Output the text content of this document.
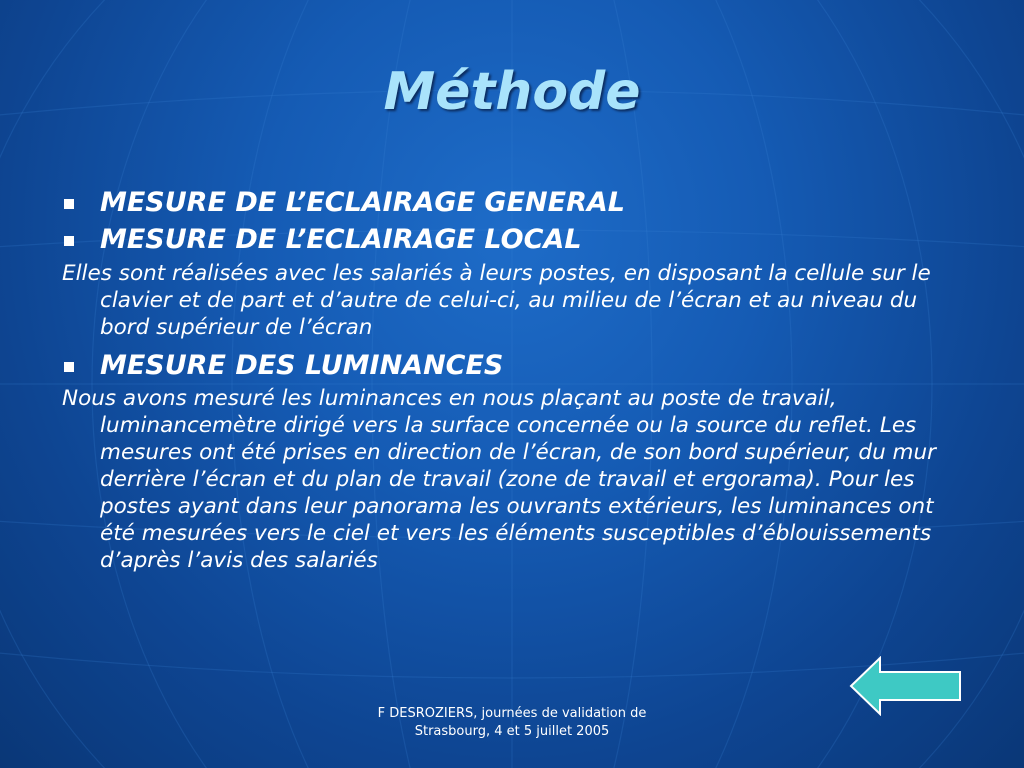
Méthode
MESURE DE L’ECLAIRAGE GENERAL
MESURE DE L’ECLAIRAGE LOCAL
Elles sont réalisées avec les salariés à leurs postes, en disposant la cellule sur le clavier et de part et d’autre de celui-ci, au milieu de l’écran et au niveau du bord supérieur de l’écran
MESURE DES LUMINANCES
Nous avons mesuré les luminances en nous plaçant au poste de travail, luminancemètre dirigé vers la surface concernée ou la source du reflet. Les mesures ont été prises en direction de l’écran, de son bord supérieur, du mur derrière l’écran et du plan de travail (zone de travail et ergorama). Pour les postes ayant dans leur panorama les ouvrants extérieurs, les luminances ont été mesurées vers le ciel et vers les éléments susceptibles d’éblouissements d’après l’avis des salariés
F DESROZIERS, journées de validation de
Strasbourg, 4 et 5 juillet 2005
